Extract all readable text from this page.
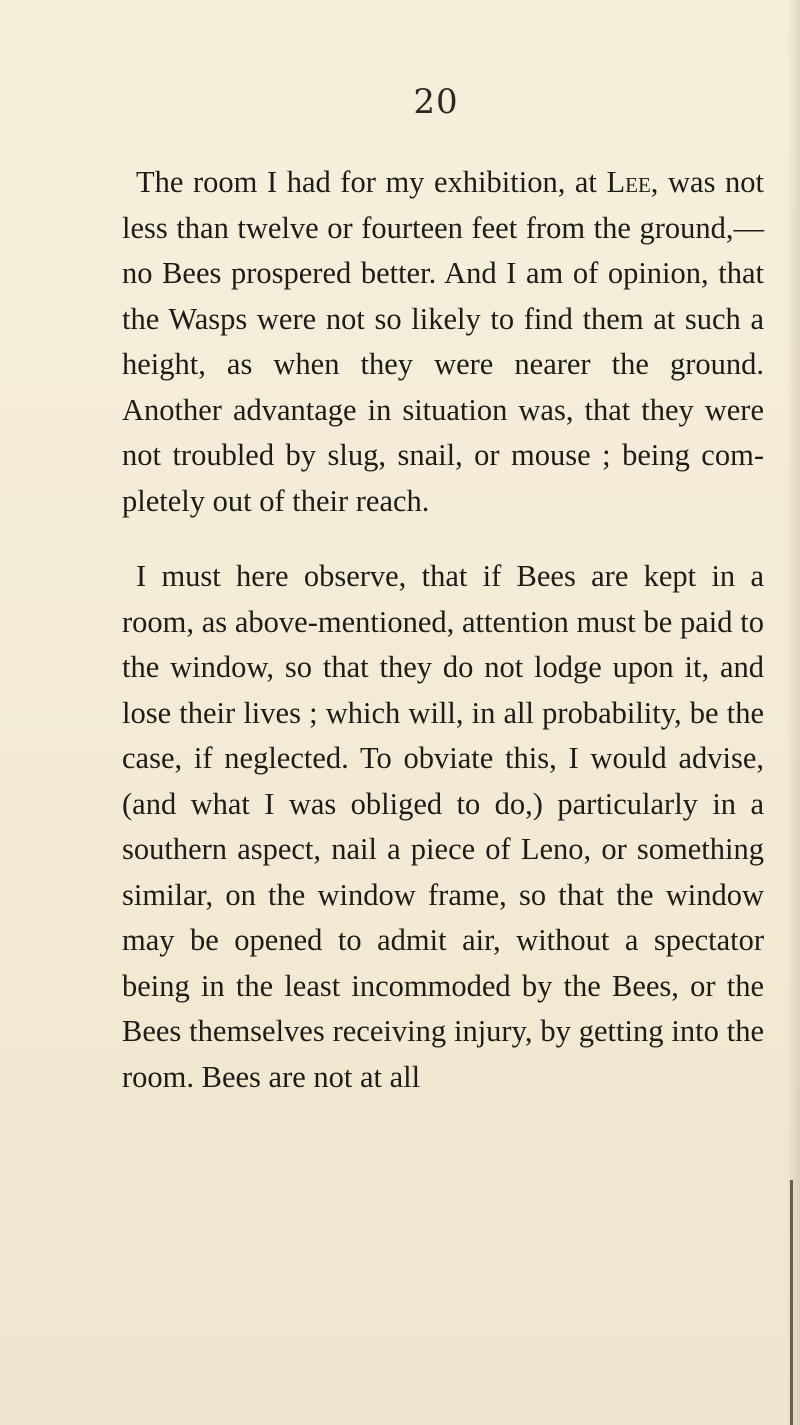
20

The room I had for my exhibition, at Lee, was not less than twelve or fourteen feet from the ground,—no Bees prospered better. And I am of opinion, that the Wasps were not so likely to find them at such a height, as when they were nearer the ground. Another advantage in situation was, that they were not troubled by slug, snail, or mouse ; being completely out of their reach.

I must here observe, that if Bees are kept in a room, as above-mentioned, attention must be paid to the window, so that they do not lodge upon it, and lose their lives ; which will, in all probability, be the case, if neglected. To obviate this, I would advise, (and what I was obliged to do,) particularly in a southern aspect, nail a piece of Leno, or something similar, on the window frame, so that the window may be opened to admit air, without a spectator being in the least incommoded by the Bees, or the Bees themselves receiving injury, by getting into the room. Bees are not at all
